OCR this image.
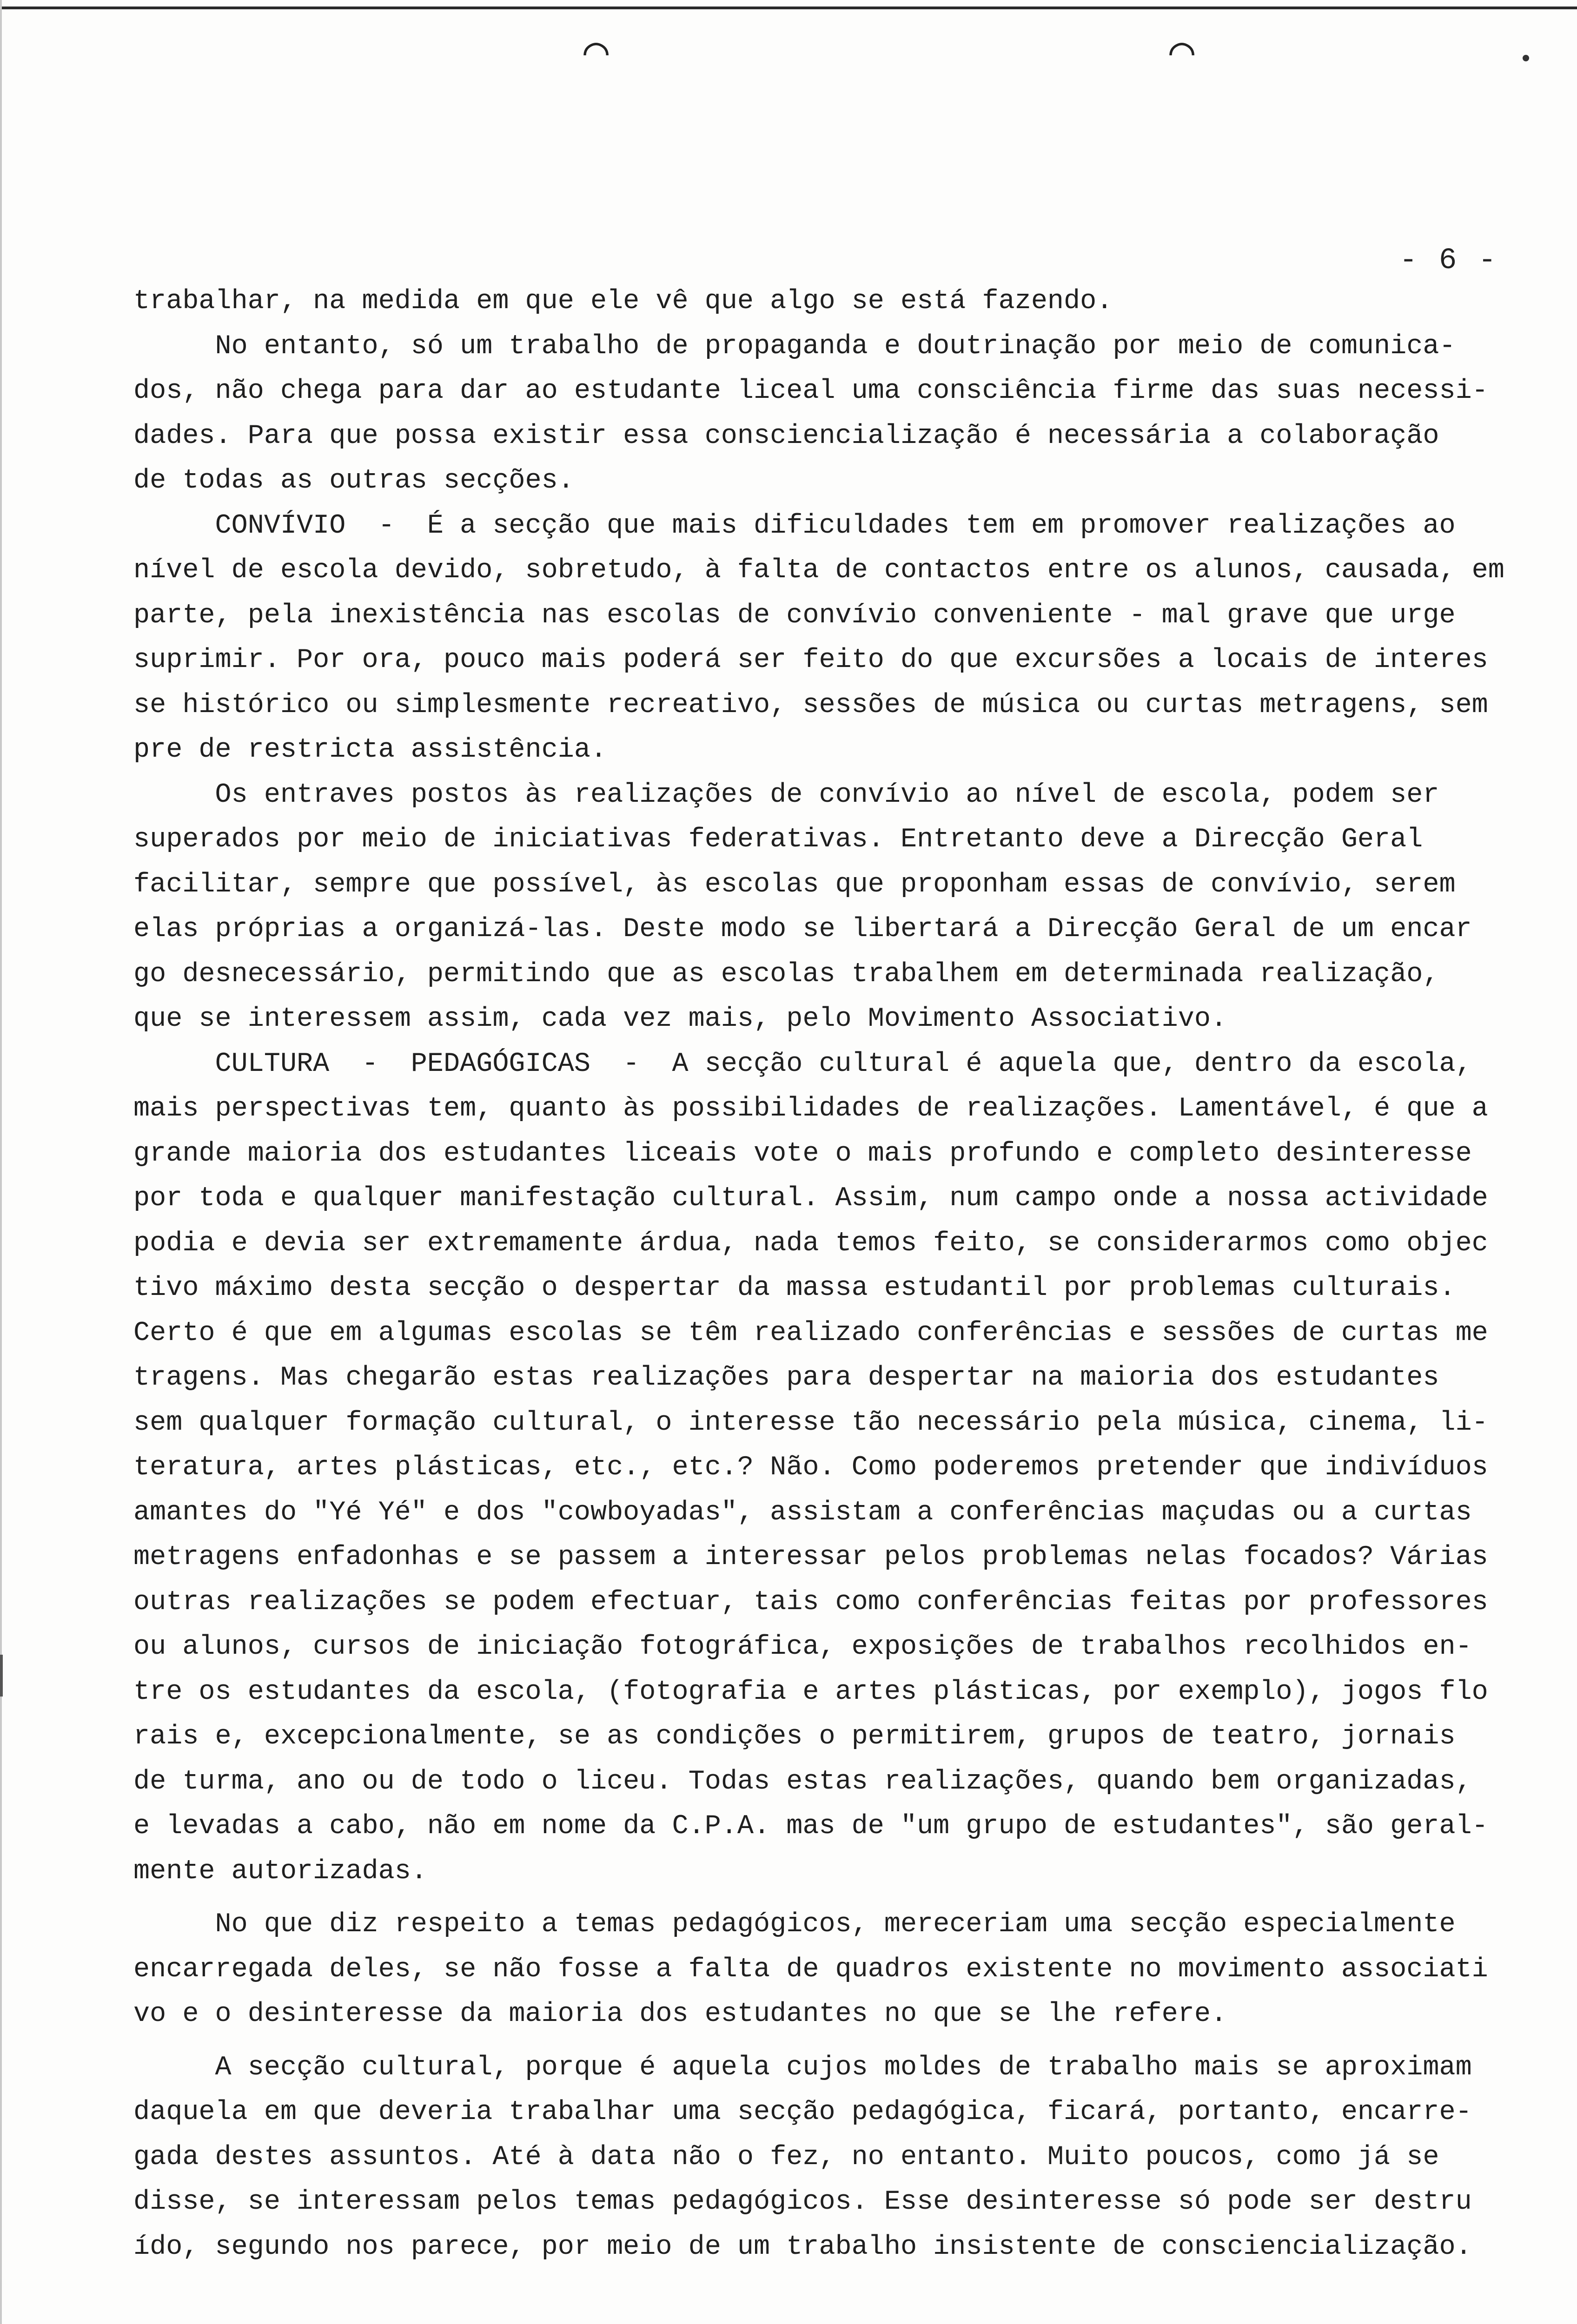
⌒	⌒
- 6 -
trabalhar, na medida em que ele vê que algo se está fazendo.
No entanto, só um trabalho de propaganda e doutrinação por meio de comunica-
dos, não chega para dar ao estudante liceal uma consciência firme das suas necessi-
dades. Para que possa existir essa consciencialização é necessária a colaboração
de todas as outras secções.
CONVÍVIO  -  É a secção que mais dificuldades tem em promover realizações ao
nível de escola devido, sobretudo, à falta de contactos entre os alunos, causada, em
parte, pela inexistência nas escolas de convívio conveniente - mal grave que urge
suprimir. Por ora, pouco mais poderá ser feito do que excursões a locais de interes
se histórico ou simplesmente recreativo, sessões de música ou curtas metragens, sem
pre de restricta assistência.
Os entraves postos às realizações de convívio ao nível de escola, podem ser
superados por meio de iniciativas federativas. Entretanto deve a Direcção Geral
facilitar, sempre que possível, às escolas que proponham essas de convívio, serem
elas próprias a organizá-las. Deste modo se libertará a Direcção Geral de um encar
go desnecessário, permitindo que as escolas trabalhem em determinada realização,
que se interessem assim, cada vez mais, pelo Movimento Associativo.
CULTURA  -  PEDAGÓGICAS  -  A secção cultural é aquela que, dentro da escola,
mais perspectivas tem, quanto às possibilidades de realizações. Lamentável, é que a
grande maioria dos estudantes liceais vote o mais profundo e completo desinteresse
por toda e qualquer manifestação cultural. Assim, num campo onde a nossa actividade
podia e devia ser extremamente árdua, nada temos feito, se considerarmos como objec
tivo máximo desta secção o despertar da massa estudantil por problemas culturais.
Certo é que em algumas escolas se têm realizado conferências e sessões de curtas me
tragens. Mas chegarão estas realizações para despertar na maioria dos estudantes
sem qualquer formação cultural, o interesse tão necessário pela música, cinema, li-
teratura, artes plásticas, etc., etc.? Não. Como poderemos pretender que indivíduos
amantes do "Yé Yé" e dos "cowboyadas", assistam a conferências maçudas ou a curtas
metragens enfadonhas e se passem a interessar pelos problemas nelas focados? Várias
outras realizações se podem efectuar, tais como conferências feitas por professores
ou alunos, cursos de iniciação fotográfica, exposições de trabalhos recolhidos en-
tre os estudantes da escola, (fotografia e artes plásticas, por exemplo), jogos flo
rais e, excepcionalmente, se as condições o permitirem, grupos de teatro, jornais
de turma, ano ou de todo o liceu. Todas estas realizações, quando bem organizadas,
e levadas a cabo, não em nome da C.P.A. mas de "um grupo de estudantes", são geral-
mente autorizadas.
No que diz respeito a temas pedagógicos, mereceriam uma secção especialmente
encarregada deles, se não fosse a falta de quadros existente no movimento associati
vo e o desinteresse da maioria dos estudantes no que se lhe refere.
A secção cultural, porque é aquela cujos moldes de trabalho mais se aproximam
daquela em que deveria trabalhar uma secção pedagógica, ficará, portanto, encarre-
gada destes assuntos. Até à data não o fez, no entanto. Muito poucos, como já se
disse, se interessam pelos temas pedagógicos. Esse desinteresse só pode ser destru
ído, segundo nos parece, por meio de um trabalho insistente de consciencialização.
